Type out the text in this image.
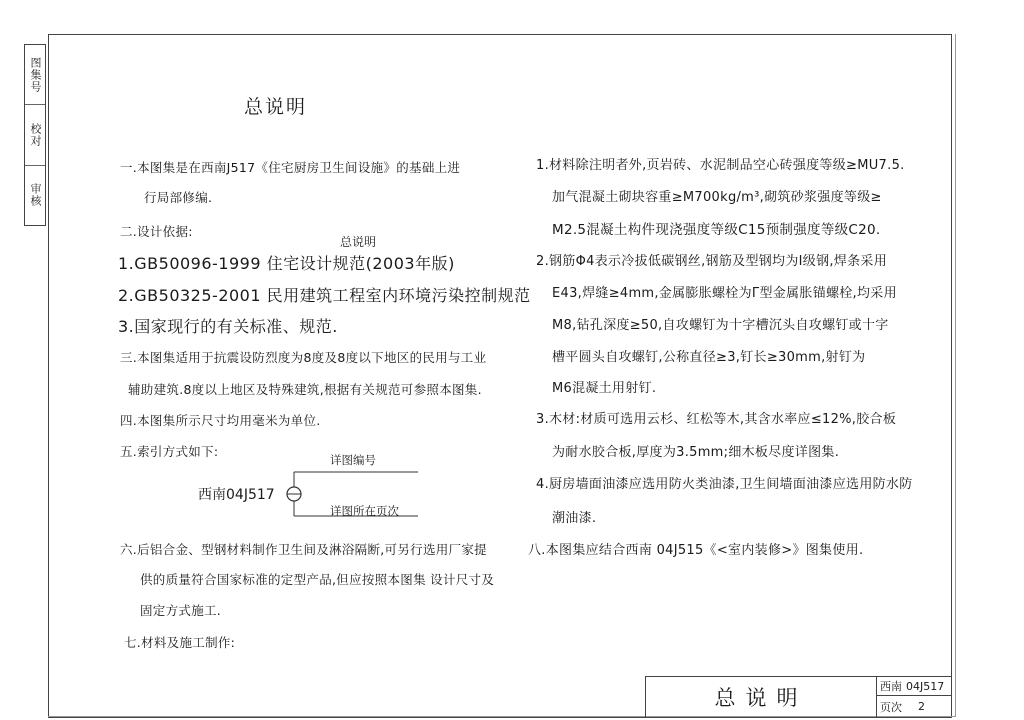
图集号
校对
审核
总说明
总说明
一.本图集是在西南J517《住宅厨房卫生间设施》的基础上进
行局部修编.
二.设计依据:
1.GB50096-1999 住宅设计规范(2003年版)
2.GB50325-2001 民用建筑工程室内环境污染控制规范
3.国家现行的有关标准、规范.
三.本图集适用于抗震设防烈度为8度及8度以下地区的民用与工业
辅助建筑.8度以上地区及特殊建筑,根据有关规范可参照本图集.
四.本图集所示尺寸均用毫米为单位.
五.索引方式如下:
详图编号
西南04J517
详图所在页次
六.后铝合金、型钢材料制作卫生间及淋浴隔断,可另行选用厂家提
供的质量符合国家标准的定型产品,但应按照本图集 设计尺寸及
固定方式施工.
七.材料及施工制作:
1.材料除注明者外,页岩砖、水泥制品空心砖强度等级≥MU7.5.
加气混凝土砌块容重≥M700kg/m³,砌筑砂浆强度等级≥
M2.5混凝土构件现浇强度等级C15预制强度等级C20.
2.钢筋Φ4表示冷拔低碳钢丝,钢筋及型钢均为Ⅰ级钢,焊条采用
E43,焊缝≥4mm,金属膨胀螺栓为Γ型金属胀锚螺栓,均采用
M8,钻孔深度≥50,自攻螺钉为十字槽沉头自攻螺钉或十字
槽平圆头自攻螺钉,公称直径≥3,钉长≥30mm,射钉为
M6混凝土用射钉.
3.木材:材质可选用云杉、红松等木,其含水率应≤12%,胶合板
为耐水胶合板,厚度为3.5mm;细木板尽度详图集.
4.厨房墙面油漆应选用防火类油漆,卫生间墙面油漆应选用防水防
潮油漆.
八.本图集应结合西南 04J515《<室内装修>》图集使用.
总说明	西南 04J517
页次 2
